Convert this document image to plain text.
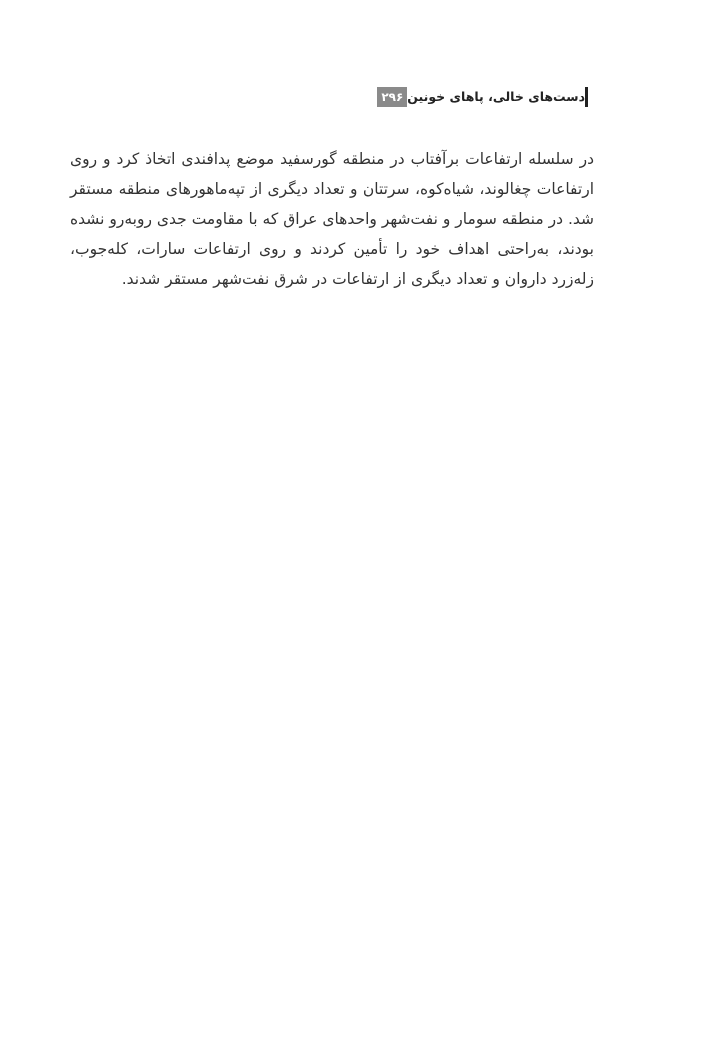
۲۹۶ دست‌های خالی، پاهای خونین

در سلسله ارتفاعات برآفتاب در منطقه گورسفید موضع پدافندی اتخاذ کرد و روی ارتفاعات چغالوند، شیاه‌کوه، سرتتان و تعداد دیگری از تپه‌ماهورهای منطقه مستقر شد. در منطقه سومار و نفت‌شهر واحدهای عراق که با مقاومت جدی روبه‌رو نشده بودند، به‌راحتی اهداف خود را تأمین کردند و روی ارتفاعات سارات، کله‌جوب، زله‌زرد داروان و تعداد دیگری از ارتفاعات در شرق نفت‌شهر مستقر شدند.
